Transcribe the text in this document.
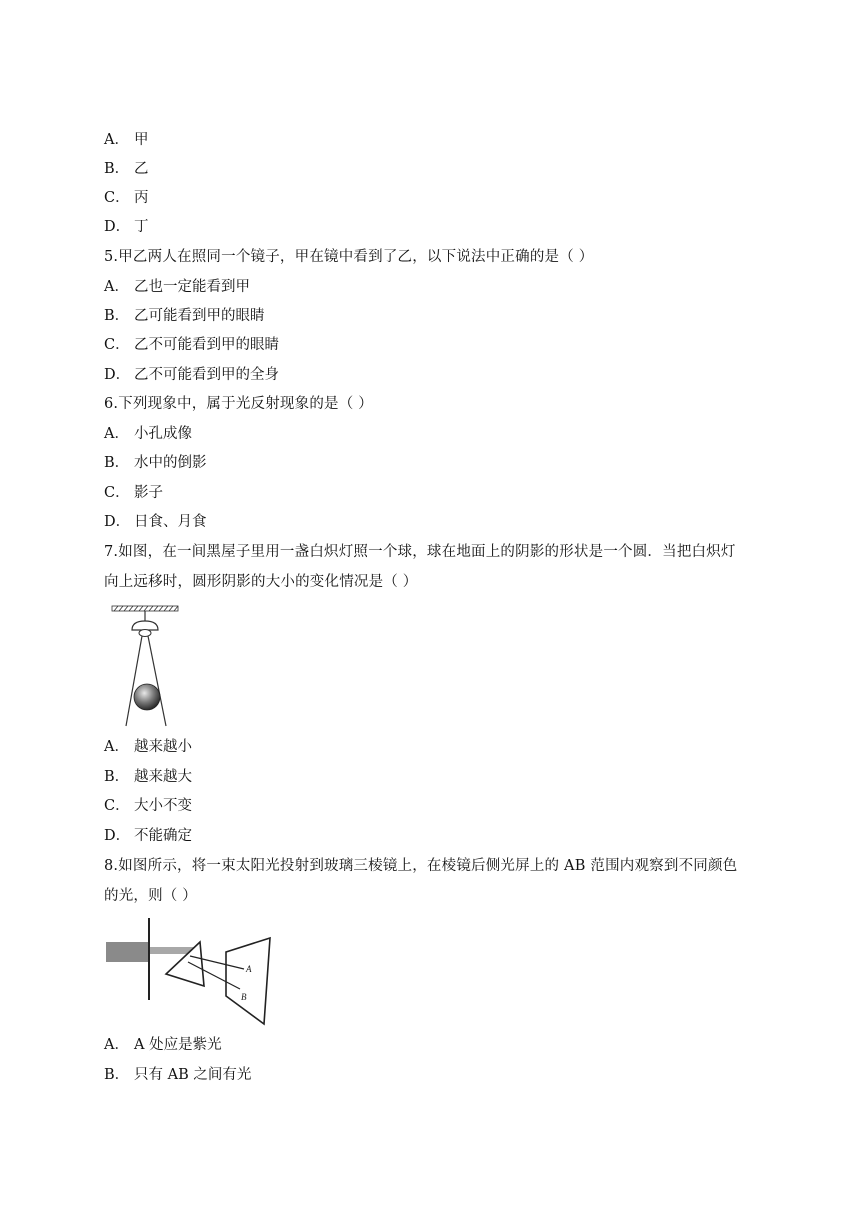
A． 甲
B． 乙
C． 丙
D． 丁
5.甲乙两人在照同一个镜子，甲在镜中看到了乙，以下说法中正确的是（ ）
A． 乙也一定能看到甲
B． 乙可能看到甲的眼睛
C． 乙不可能看到甲的眼睛
D． 乙不可能看到甲的全身
6.下列现象中，属于光反射现象的是（ ）
A． 小孔成像
B． 水中的倒影
C． 影子
D． 日食、月食
7.如图，在一间黑屋子里用一盏白炽灯照一个球，球在地面上的阴影的形状是一个圆．当把白炽灯
向上远移时，圆形阴影的大小的变化情况是（ ）
A． 越来越小
B． 越来越大
C． 大小不变
D． 不能确定
8.如图所示，将一束太阳光投射到玻璃三棱镜上，在棱镜后侧光屏上的 AB 范围内观察到不同颜色
的光，则（ ）
A
B
A． A 处应是紫光
B． 只有 AB 之间有光
